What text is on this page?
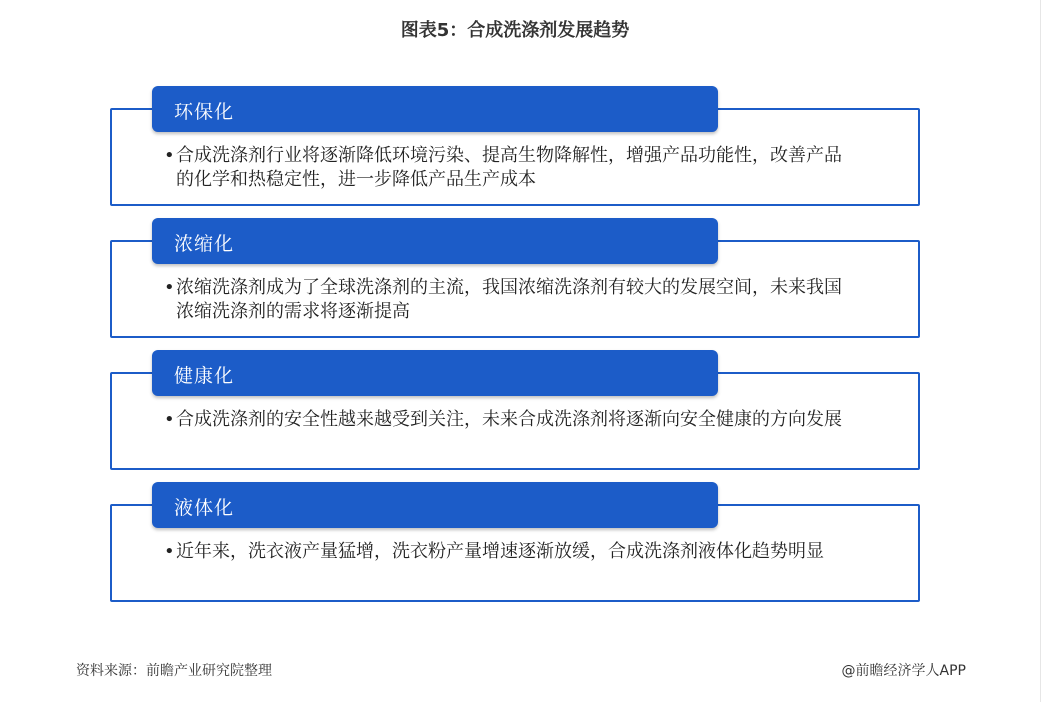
图表5：合成洗涤剂发展趋势
环保化
• 合成洗涤剂行业将逐渐降低环境污染、提高生物降解性，增强产品功能性，改善产品的化学和热稳定性，进一步降低产品生产成本
浓缩化
• 浓缩洗涤剂成为了全球洗涤剂的主流，我国浓缩洗涤剂有较大的发展空间，未来我国浓缩洗涤剂的需求将逐渐提高
健康化
• 合成洗涤剂的安全性越来越受到关注，未来合成洗涤剂将逐渐向安全健康的方向发展
液体化
• 近年来，洗衣液产量猛增，洗衣粉产量增速逐渐放缓，合成洗涤剂液体化趋势明显
资料来源：前瞻产业研究院整理	@前瞻经济学人APP
